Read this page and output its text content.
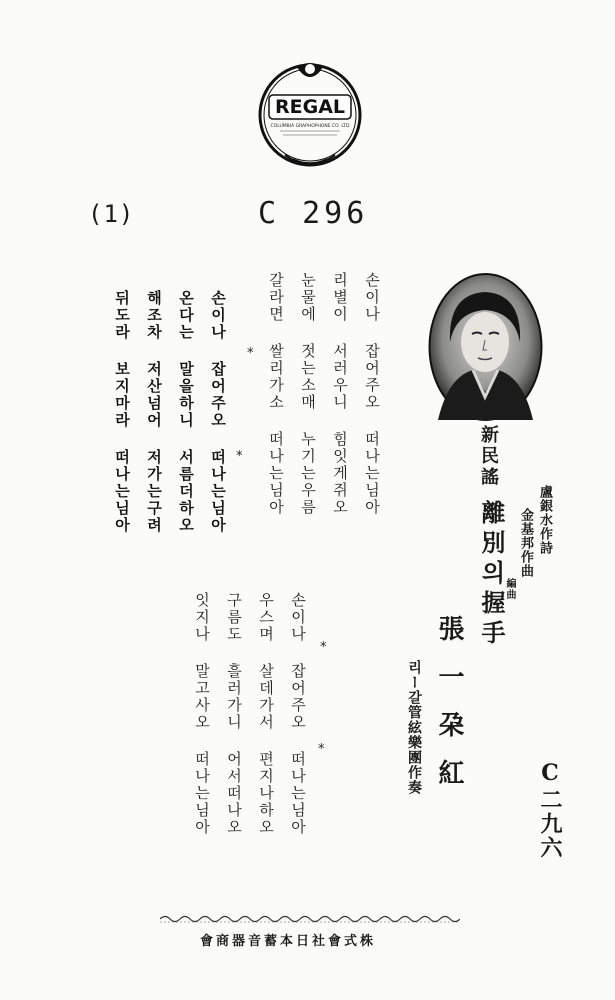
REGAL
COLUMBIA GRAPHOPHONE CO. LTD
(1)	C 296
손이나 잡어주오 떠나는님아
리별이 서러우니 힘잇게쥐오
눈물에 젓는소매 누기는우름
갈라면 쌀리가소 떠나는님아
*
*
손이나 잡어주오 떠나는님아
온다는 말을하니 서름더하오
해조차 저산넘어 저가는구려
뒤도라 보지마라 떠나는님아	新民謠
離別의握手 盧銀水作詩
金基邦作曲
編曲
張一朶紅
리ー갈管絃樂團作奏
C二九六
*
*
손이나 잡어주오 떠나는님아
우스며 살데가서 편지나하오
구름도 흘러가니 어서떠나오
잇지나 말고사오 떠나는님아
株式會社日本蓄音器商會
